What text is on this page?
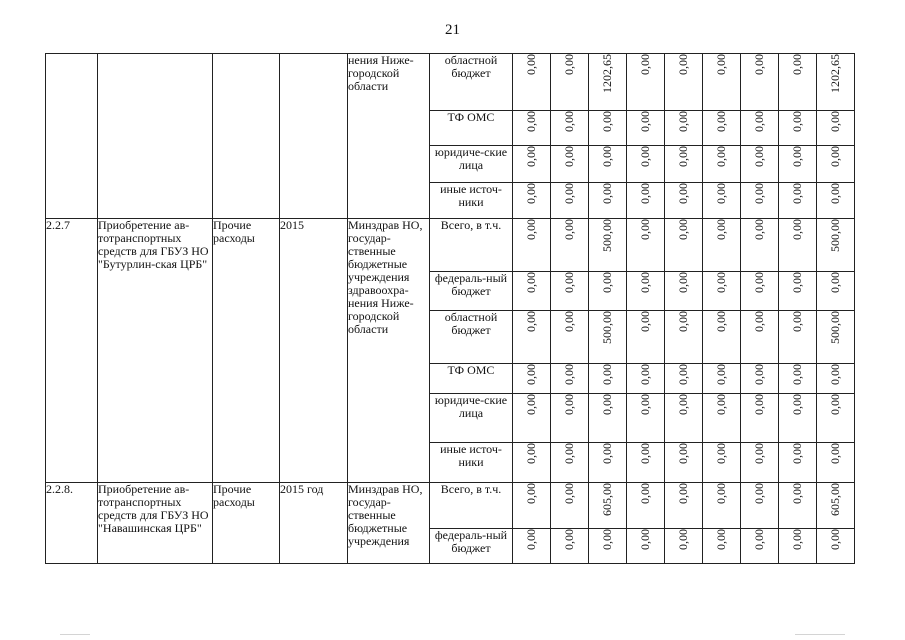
21
				нения Ниже-городской области	областной бюджет	0,00	0,00	1202,65	0,00	0,00	0,00	0,00	0,00	1202,65
					ТФ ОМС	0,00	0,00	0,00	0,00	0,00	0,00	0,00	0,00	0,00
					юридиче-ские лица	0,00	0,00	0,00	0,00	0,00	0,00	0,00	0,00	0,00
					иные источ-ники	0,00	0,00	0,00	0,00	0,00	0,00	0,00	0,00	0,00
2.2.7	Приобретение ав-тотранспортных средств для ГБУЗ НО "Бутурлин-ская ЦРБ"	Прочие расходы	2015	Минздрав НО, государ-ственные бюджетные учреждения здравоохра-нения Ниже-городской области	Всего, в т.ч.	0,00	0,00	500,00	0,00	0,00	0,00	0,00	0,00	500,00
					федераль-ный бюджет	0,00	0,00	0,00	0,00	0,00	0,00	0,00	0,00	0,00
					областной бюджет	0,00	0,00	500,00	0,00	0,00	0,00	0,00	0,00	500,00
					ТФ ОМС	0,00	0,00	0,00	0,00	0,00	0,00	0,00	0,00	0,00
					юридиче-ские лица	0,00	0,00	0,00	0,00	0,00	0,00	0,00	0,00	0,00
					иные источ-ники	0,00	0,00	0,00	0,00	0,00	0,00	0,00	0,00	0,00
2.2.8.	Приобретение ав-тотранспортных средств для ГБУЗ НО "Навашинская ЦРБ"	Прочие расходы	2015 год	Минздрав НО, государ-ственные бюджетные учреждения	Всего, в т.ч.	0,00	0,00	605,00	0,00	0,00	0,00	0,00	0,00	605,00
					федераль-ный бюджет	0,00	0,00	0,00	0,00	0,00	0,00	0,00	0,00	0,00
